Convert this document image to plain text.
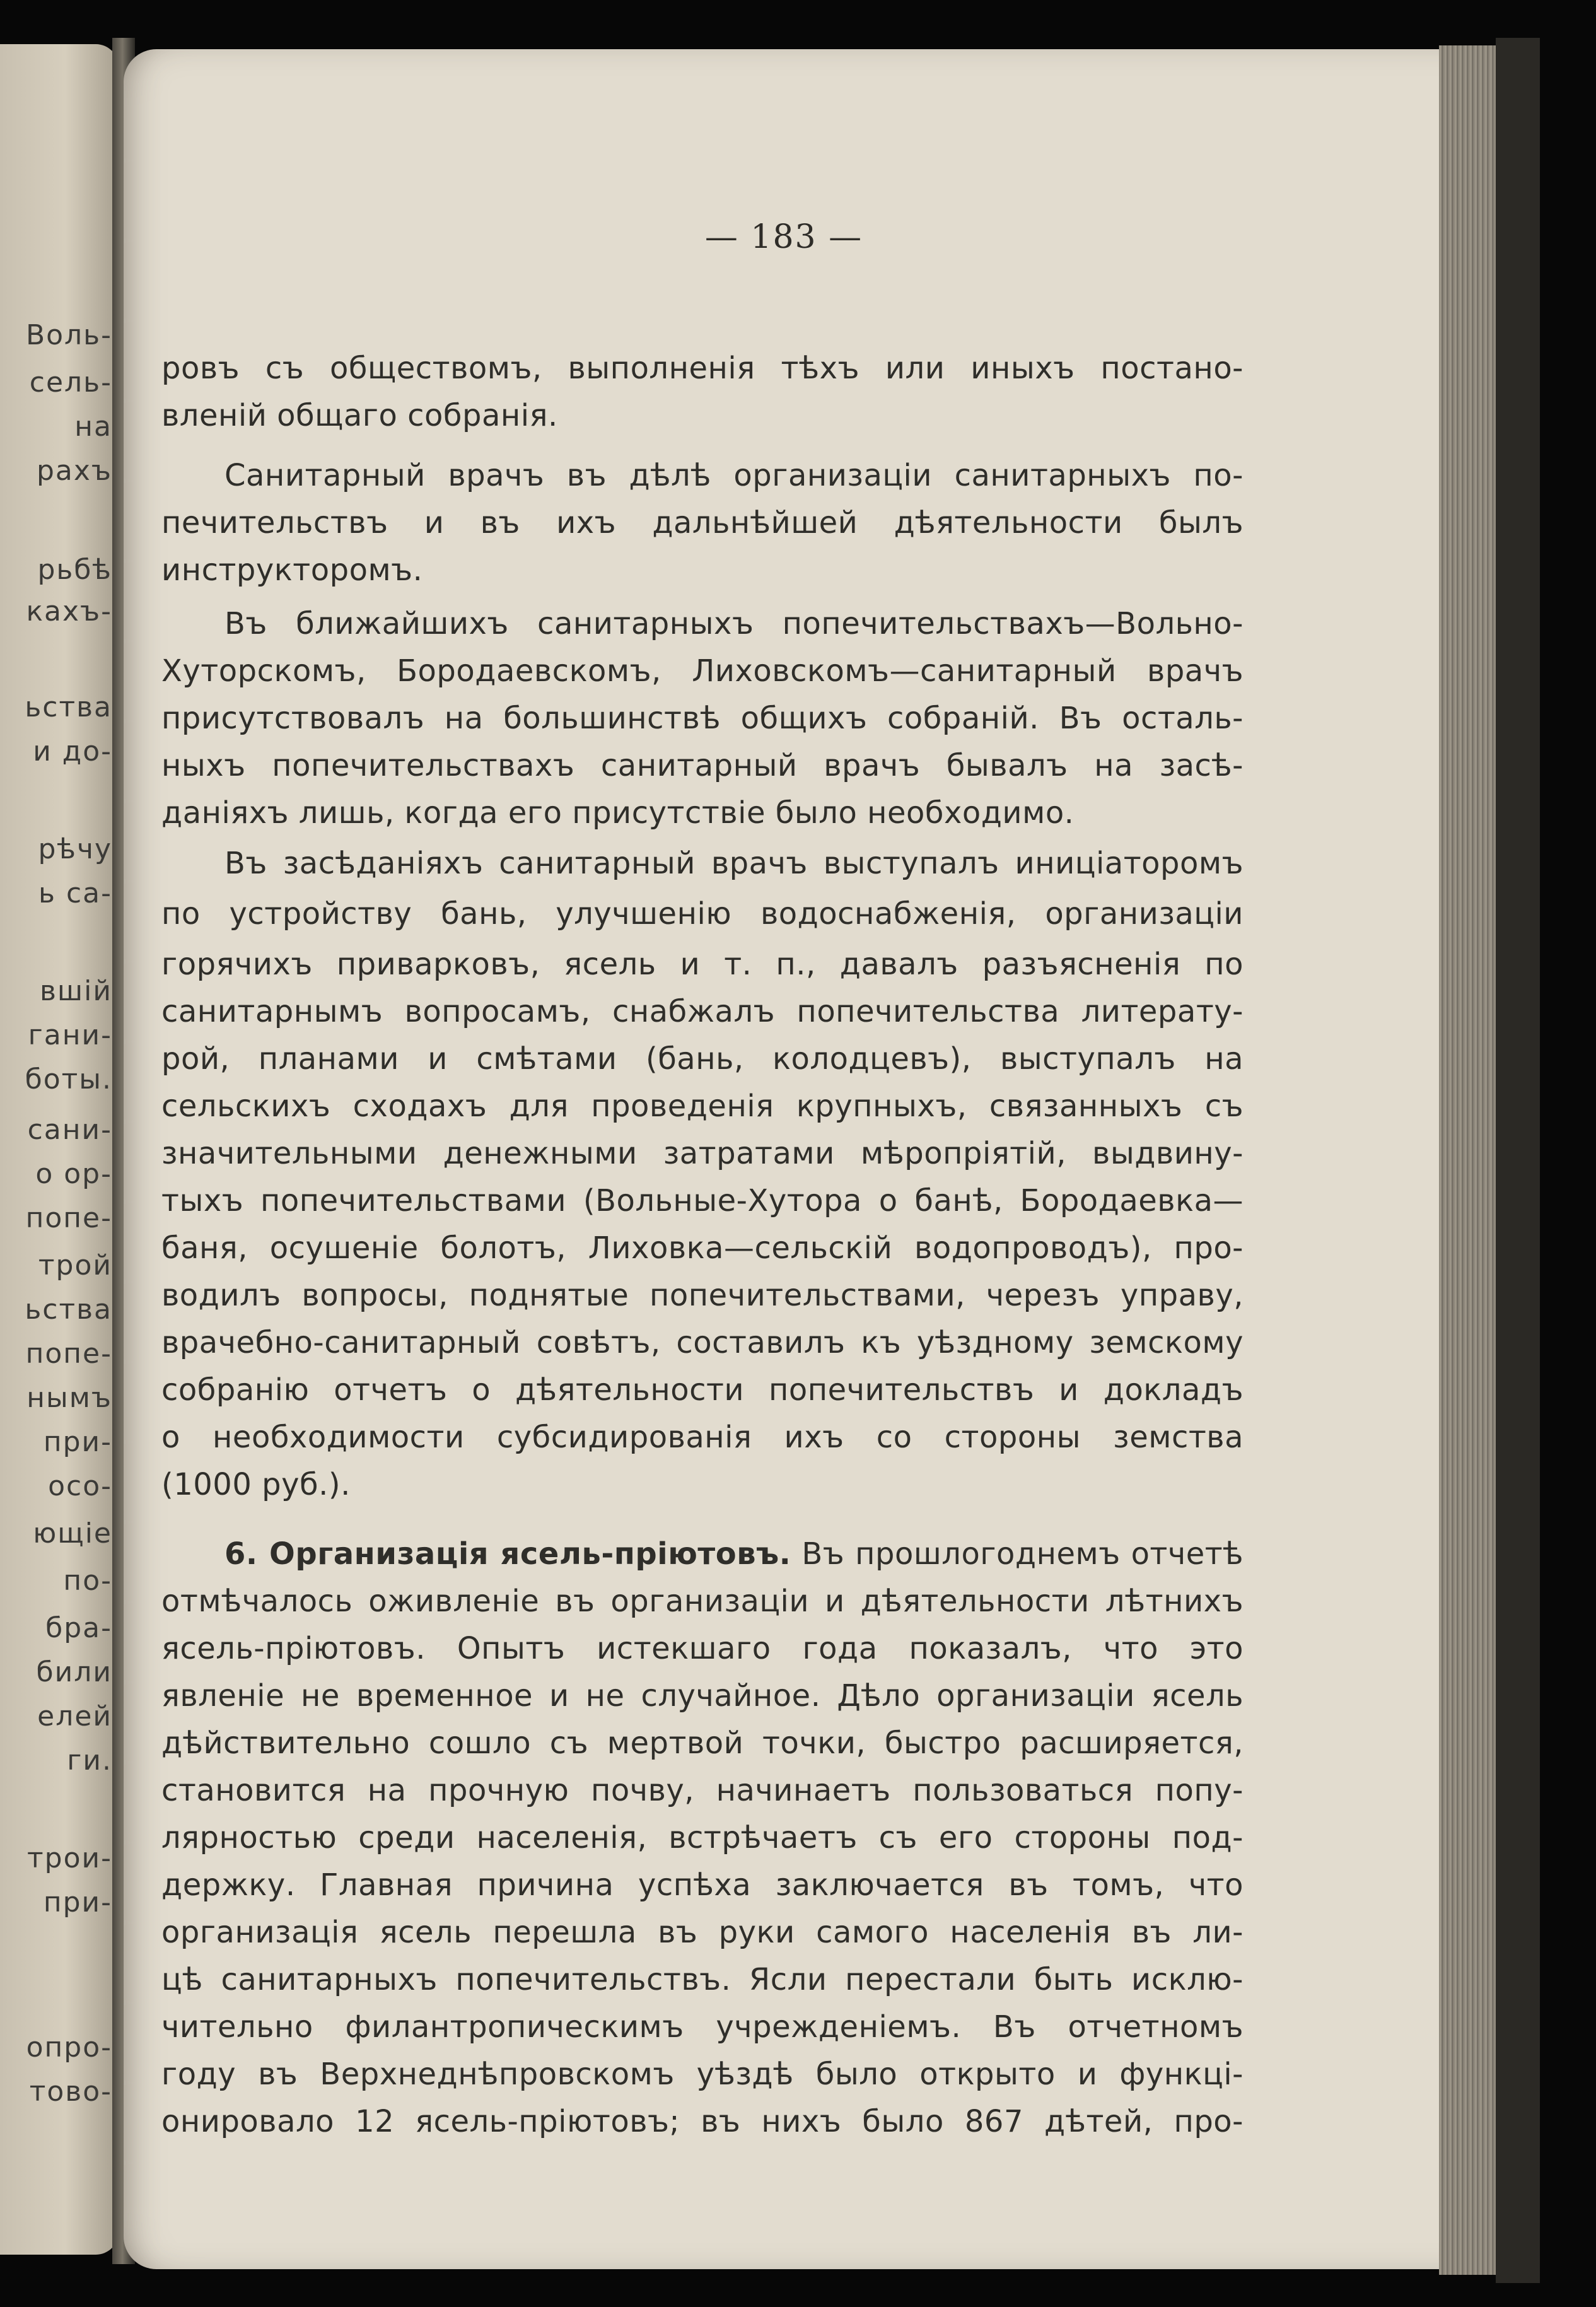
Воль-
сель-
на
рахъ
рьбѣ
кахъ-
ьства
и до-
рѣчу
ь са-
вшій
гани-
боты.
сани-
о ор-
попе-
трой
ьства
попе-
нымъ
при-
осо-
ющіе
по-
бра-
били
елей
ги.
трои-
при-
опро-
тово-
— 183 —
ровъ съ обществомъ, выполненія тѣхъ или иныхъ постано-
вленій общаго собранія.
Санитарный врачъ въ дѣлѣ организаціи санитарныхъ по-
печительствъ и въ ихъ дальнѣйшей дѣятельности былъ
инструкторомъ.
Въ ближайшихъ санитарныхъ попечительствахъ—Вольно-
Хуторскомъ, Бородаевскомъ, Лиховскомъ—санитарный врачъ
присутствовалъ на большинствѣ общихъ собраній. Въ осталь-
ныхъ попечительствахъ санитарный врачъ бывалъ на засѣ-
даніяхъ лишь, когда его присутствіе было необходимо.
Въ засѣданіяхъ санитарный врачъ выступалъ иниціаторомъ
по устройству бань, улучшенію водоснабженія, организаціи
горячихъ приварковъ, ясель и т. п., давалъ разъясненія по
санитарнымъ вопросамъ, снабжалъ попечительства литерату-
рой, планами и смѣтами (бань, колодцевъ), выступалъ на
сельскихъ сходахъ для проведенія крупныхъ, связанныхъ съ
значительными денежными затратами мѣропріятій, выдвину-
тыхъ попечительствами (Вольные-Хутора о банѣ, Бородаевка—
баня, осушеніе болотъ, Лиховка—сельскій водопроводъ), про-
водилъ вопросы, поднятые попечительствами, черезъ управу,
врачебно-санитарный совѣтъ, составилъ къ уѣздному земскому
собранію отчетъ о дѣятельности попечительствъ и докладъ
о необходимости субсидированія ихъ со стороны земства
(1000 руб.).
6. Организація ясель-пріютовъ. Въ прошлогоднемъ отчетѣ
отмѣчалось оживленіе въ организаціи и дѣятельности лѣтнихъ
ясель-пріютовъ. Опытъ истекшаго года показалъ, что это
явленіе не временное и не случайное. Дѣло организаціи ясель
дѣйствительно сошло съ мертвой точки, быстро расширяется,
становится на прочную почву, начинаетъ пользоваться попу-
лярностью среди населенія, встрѣчаетъ съ его стороны под-
держку. Главная причина успѣха заключается въ томъ, что
организація ясель перешла въ руки самого населенія въ ли-
цѣ санитарныхъ попечительствъ. Ясли перестали быть исклю-
чительно филантропическимъ учрежденіемъ. Въ отчетномъ
году въ Верхнеднѣпровскомъ уѣздѣ было открыто и функці-
онировало 12 ясель-пріютовъ; въ нихъ было 867 дѣтей, про-
